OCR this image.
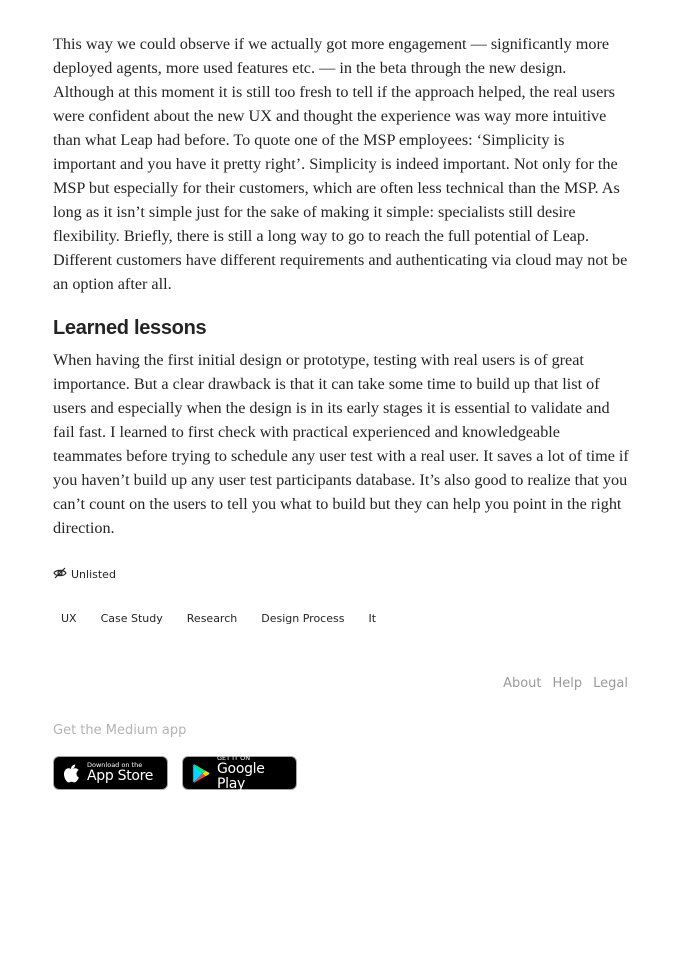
This way we could observe if we actually got more engagement — significantly more deployed agents, more used features etc. — in the beta through the new design. Although at this moment it is still too fresh to tell if the approach helped, the real users were confident about the new UX and thought the experience was way more intuitive than what Leap had before. To quote one of the MSP employees: ‘Simplicity is important and you have it pretty right’. Simplicity is indeed important. Not only for the MSP but especially for their customers, which are often less technical than the MSP. As long as it isn’t simple just for the sake of making it simple: specialists still desire flexibility. Briefly, there is still a long way to go to reach the full potential of Leap. Different customers have different requirements and authenticating via cloud may not be an option after all.

Learned lessons

When having the first initial design or prototype, testing with real users is of great importance. But a clear drawback is that it can take some time to build up that list of users and especially when the design is in its early stages it is essential to validate and fail fast. I learned to first check with practical experienced and knowledgeable teammates before trying to schedule any user test with a real user. It saves a lot of time if you haven’t build up any user test participants database. It’s also good to realize that you can’t count on the users to tell you what to build but they can help you point in the right direction.

Unlisted
UX	Case Study	Research	Design Process	It
About Help Legal
Get the Medium app
Download on the
App Store
GET IT ON
Google Play
